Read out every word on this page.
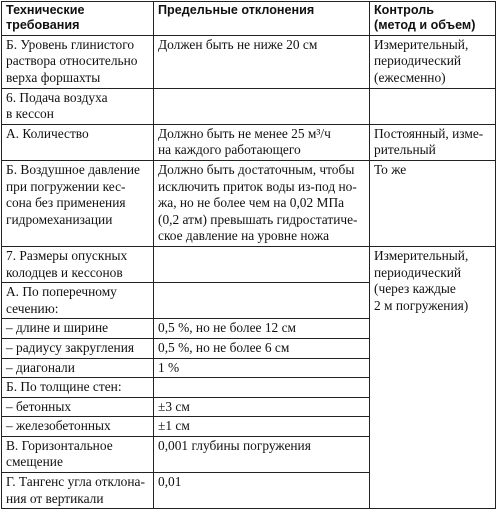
Технические
требования	Предельные отклонения	Контроль
(метод и объем)
Б. Уровень глинистого
раствора относительно
верха форшахты	Должен быть не ниже 20 см	Измерительный,
периодический
(ежесменно)
6. Подача воздуха
в кессон		
А. Количество	Должно быть не менее 25 м³/ч
на каждого работающего	Постоянный, изме-
рительный
Б. Воздушное давление
при погружении кес-
сона без применения
гидромеханизации	Должно быть достаточным, чтобы
исключить приток воды из-под но-
жа, но не более чем на 0,02 МПа
(0,2 атм) превышать гидростатиче-
ское давление на уровне ножа	То же
7. Размеры опускных
колодцев и кессонов		Измерительный,
периодический
(через каждые
2 м погружения)
А. По поперечному
сечению:		
– длине и ширине	0,5 %, но не более 12 см	
– радиусу закругления	0,5 %, но не более 6 см	
– диагонали	1 %	
Б. По толщине стен:		
– бетонных	±3 см	
– железобетонных	±1 см	
В. Горизонтальное
смещение	0,001 глубины погружения	
Г. Тангенс угла отклона-
ния от вертикали	0,01	
